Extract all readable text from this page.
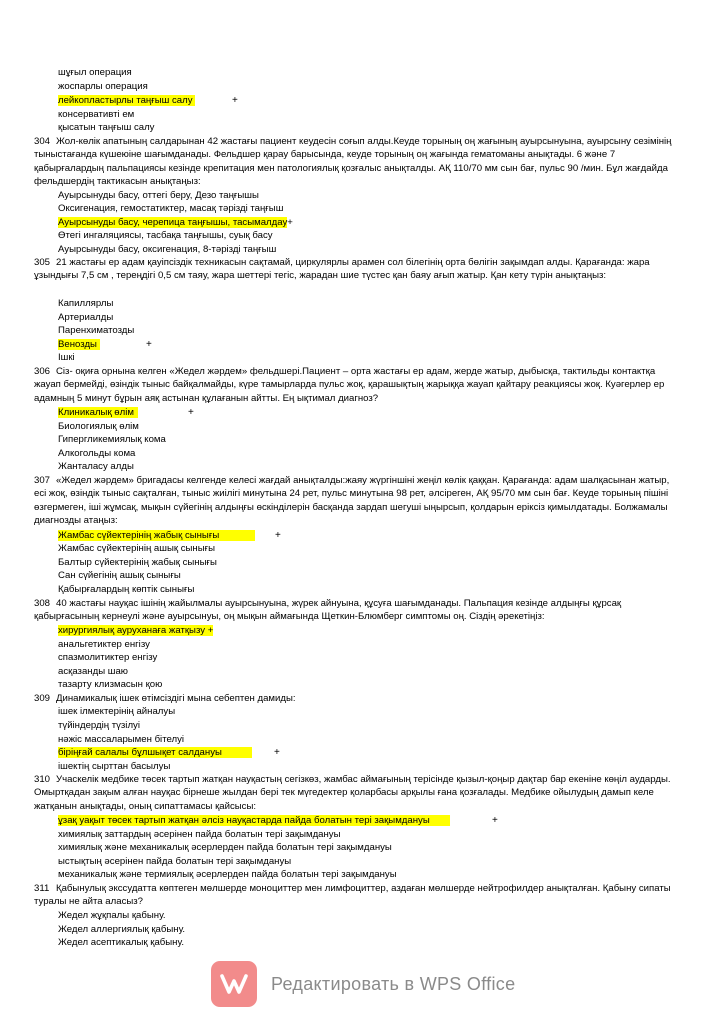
шұғыл операция
жоспарлы операция
лейкопластырлы таңғыш салу	+
консервативті ем
қысатын таңғыш салу
304 Жол-көлік апатының салдарынан 42 жастағы пациент кеудесін соғып алды.Кеуде торының оң жағының ауырсынуына, ауырсыну сезімінің тыныстағанда күшеюіне шағымданады. Фельдшер қарау барысында, кеуде торының оң жағында гематоманы анықтады. 6 және 7 қабырғалардың пальпациясы кезінде крепитация мен патологиялық қозғалыс анықталды. АҚ 110/70 мм сын бағ, пульс 90 /мин. Бұл жағдайда фельдшердің тактикасын анықтаңыз:
Ауырсынуды басу, оттегі беру, Дезо таңғышы
Оксигенация, гемостатиктер, масақ тәрізді таңғыш
Ауырсынуды басу, черепица таңғышы, тасымалдау+
Өтегі ингаляциясы, тасбақа таңғышы, суық басу
Ауырсынуды басу, оксигенация, 8-тәрізді таңғыш
305 21 жастағы ер адам қауіпсіздік техникасын сақтамай, циркулярлы арамен сол білегінің орта бөлігін зақымдап алды. Қарағанда: жара ұзындығы 7,5 см , тереңдігі 0,5 см таяу, жара шеттері тегіс, жарадан шие түстес қан баяу ағып жатыр. Қан кету түрін анықтаңыз:
Капиллярлы
Артериалды
Паренхиматозды
Венозды	+
Ішкі
306 Сіз- оқиға орнына келген «Жедел жәрдем» фельдшері.Пациент – орта жастағы ер адам, жерде жатыр, дыбысқа, тактильды контактқа жауап бермейді, өзіндік тыныс байқалмайды, күре тамырларда пульс жоқ, қарашықтың жарыққа жауап қайтару реакциясы жоқ. Куәгерлер ер адамның 5 минут бұрын аяқ астынан құлағанын айтты. Ең ықтимал диагноз?
Клиникалық өлім	+
Биологиялық өлім
Гипергликемиялық кома
Алкогольды кома
Жанталасу алды
307 «Жедел жәрдем» бригадасы келгенде келесі жағдай анықталды:жаяу жүргіншіні жеңіл көлік қаққан. Қарағанда: адам шалқасынан жатыр, есі жоқ, өзіндік тыныс сақталған, тыныс жиілігі минутына 24 рет, пульс минутына 98 рет, әлсіреген, АҚ 95/70 мм сын бағ. Кеуде торының пішіні өзгермеген, іші жұмсақ, мықын сүйегінің алдыңғы өскінділерін басқанда зардап шегуші ыңырсып, қолдарын еріксіз қимылдатады. Болжамалы диагнозды атаңыз:
Жамбас сүйектерінің жабық сынығы	+
Жамбас сүйектерінің ашық сынығы
Балтыр сүйектерінің жабық сынығы
Сан сүйегінің ашық сынығы
Қабырғалардың көптік сынығы
308 40 жастағы науқас ішінің жайылмалы ауырсынуына, жүрек айнуына, құсуға шағымданады. Пальпация кезінде алдыңғы құрсақ қабырғасының кернеулі және ауырсынуы, оң мықын аймағында Щеткин-Блюмберг симптомы оң. Сіздің әрекетіңіз:
хирургиялық ауруханаға жатқызу +
анальгетиктер енгізу
спазмолитиктер енгізу
асқазанды шаю
тазарту клизмасын қою
309 Динамикалық ішек өтімсіздігі мына себептен дамиды:
ішек ілмектерінің айналуы
түйіндердің түзілуі
нәжіс массаларымен бітелуі
біріңғай салалы бұлшықет салдануы	+
ішектің сырттан басылуы
310 Учаскелік медбике төсек тартып жатқан науқастың сегізкөз, жамбас аймағының терісінде қызыл-қоңыр дақтар бар екеніне көңіл аударды. Омыртқадан зақым алған науқас бірнеше жылдан бері тек мүгедектер қоларбасы арқылы ғана қозғалады. Медбике ойылудың дамып келе жатқанын анықтады, оның сипаттамасы қайсысы:
ұзақ уақыт төсек тартып жатқан әлсіз науқастарда пайда болатын тері зақымдануы	+
химиялық заттардың әсерінен пайда болатын тері зақымдануы
химиялық және механикалық әсерлерден пайда болатын тері зақымдануы
ыстықтың әсерінен пайда болатын тері зақымдануы
механикалық және термиялық әсерлерден пайда болатын тері зақымдануы
311 Қабынулық экссудатта көптеген мөлшерде моноциттер мен лимфоциттер, аздаған мөлшерде нейтрофилдер анықталған. Қабыну сипаты туралы не айта аласыз?
Жедел жұқпалы қабыну.
Жедел аллергиялық қабыну.
Жедел асептикалық қабыну.
Редактировать в WPS Office
